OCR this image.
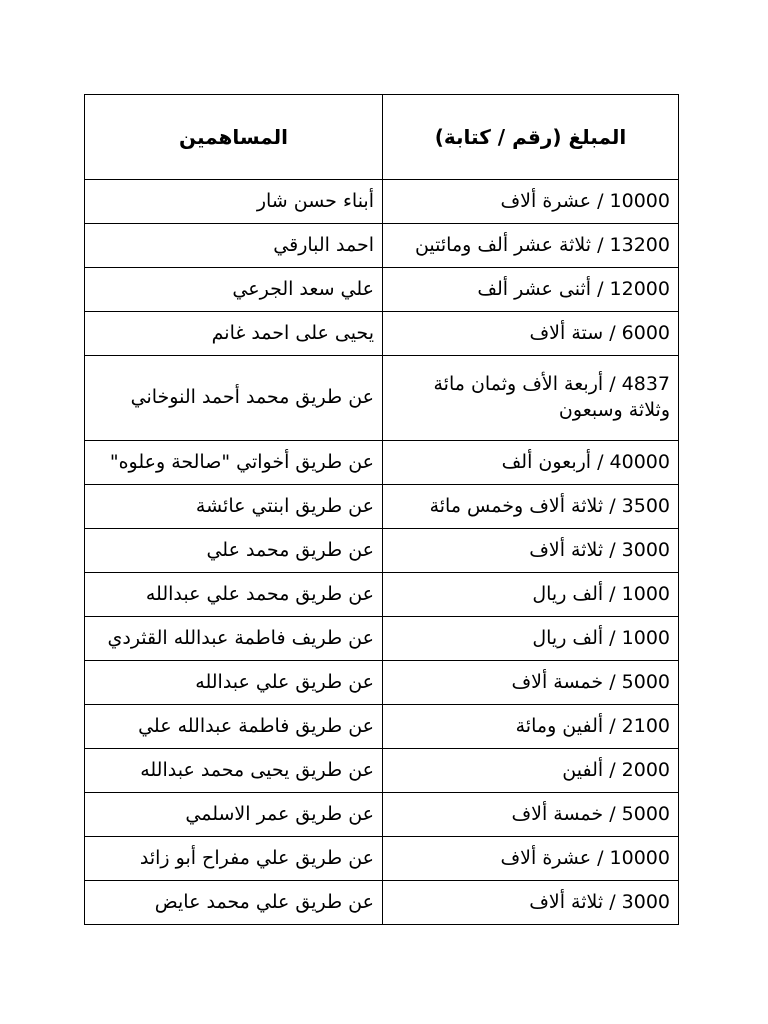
المبلغ (رقم / كتابة)	المساهمين
10000 / عشرة ألاف	أبناء حسن شار
13200 / ثلاثة عشر ألف ومائتين	احمد البارقي
12000 / أثنى عشر ألف	علي سعد الجرعي
6000 / ستة ألاف	يحيى على احمد غانم
4837 / أربعة الأف وثمان مائة وثلاثة وسبعون	عن طريق محمد أحمد النوخاني
40000 / أربعون ألف	عن طريق أخواتي "صالحة وعلوه"
3500 / ثلاثة ألاف وخمس مائة	عن طريق ابنتي عائشة
3000 / ثلاثة ألاف	عن طريق محمد علي
1000 / ألف ريال	عن طريق محمد علي عبدالله
1000 / ألف ريال	عن طريف فاطمة عبدالله القثردي
5000 / خمسة ألاف	عن طريق علي عبدالله
2100 / ألفين ومائة	عن طريق فاطمة عبدالله علي
2000 / ألفين	عن طريق يحيى محمد عبدالله
5000 / خمسة ألاف	عن طريق عمر الاسلمي
10000 / عشرة ألاف	عن طريق علي مفراح أبو زائد
3000 / ثلاثة ألاف	عن طريق علي محمد عايض
